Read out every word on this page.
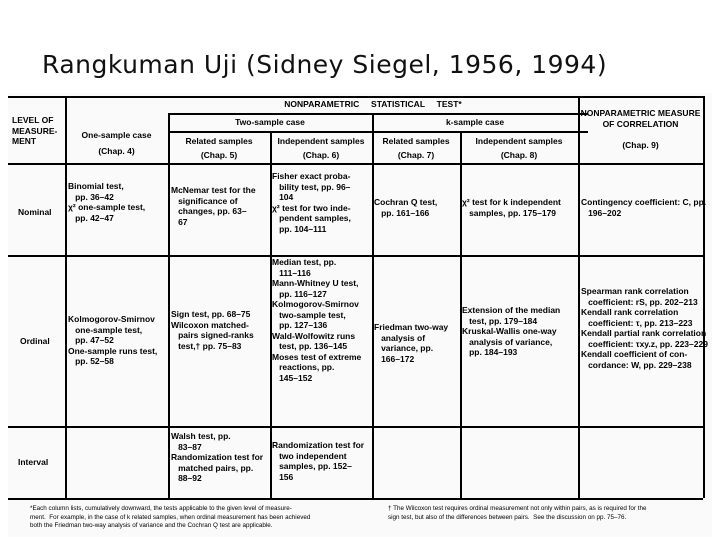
Rangkuman Uji (Sidney Siegel, 1956, 1994)
NONPARAMETRIC     STATISTICAL     TEST*
LEVEL OF
MEASURE-
MENT
One-sample case
(Chap. 4)
Two-sample case	k-sample case
Related samples
(Chap. 5)
Independent samples
(Chap. 6)
Related samples
(Chap. 7)
Independent samples
(Chap. 8)
NONPARAMETRIC MEASURE
OF CORRELATION
(Chap. 9)
Nominal
Ordinal
Interval
Binomial test,
pp. 36–42
χ² one-sample test,
pp. 42–47
McNemar test for the
significance of
changes, pp. 63–
67
Fisher exact proba-
bility test, pp. 96–
104
χ² test for two inde-
pendent samples,
pp. 104–111
Cochran Q test,
pp. 161–166
χ² test for k independent
samples, pp. 175–179
Contingency coefficient: C, pp.
196–202
Kolmogorov-Smirnov
one-sample test,
pp. 47–52
One-sample runs test,
pp. 52–58
Sign test, pp. 68–75
Wilcoxon matched-
pairs signed-ranks
test,† pp. 75–83
Median test, pp.
111–116
Mann-Whitney U test,
pp. 116–127
Kolmogorov-Smirnov
two-sample test,
pp. 127–136
Wald-Wolfowitz runs
test, pp. 136–145
Moses test of extreme
reactions, pp.
145–152
Friedman two-way
analysis of
variance, pp.
166–172
Extension of the median
test, pp. 179–184
Kruskal-Wallis one-way
analysis of variance,
pp. 184–193
Spearman rank correlation
coefficient: rS, pp. 202–213
Kendall rank correlation
coefficient: τ, pp. 213–223
Kendall partial rank correlation
coefficient: τxy.z, pp. 223–229
Kendall coefficient of con-
cordance: W, pp. 229–238
Walsh test, pp.
83–87
Randomization test for
matched pairs, pp.
88–92
Randomization test for
two independent
samples, pp. 152–
156
*Each column lists, cumulatively downward, the tests applicable to the given level of measure-
ment.  For example, in the case of k related samples, when ordinal measurement has been achieved
both the Friedman two-way analysis of variance and the Cochran Q test are applicable.
† The Wilcoxon test requires ordinal measurement not only within pairs, as is required for the
sign test, but also of the differences between pairs.  See the discussion on pp. 75–76.
